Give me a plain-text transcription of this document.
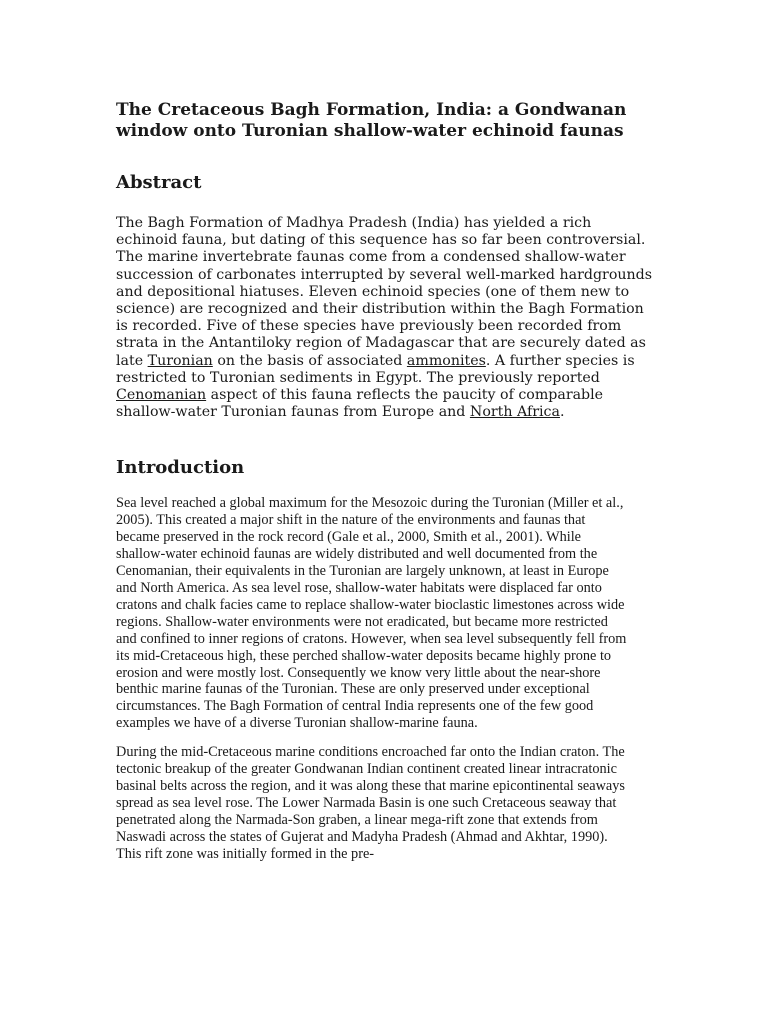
The Cretaceous Bagh Formation, India: a Gondwanan window onto Turonian shallow-water echinoid faunas
Abstract
The Bagh Formation of Madhya Pradesh (India) has yielded a rich echinoid fauna, but dating of this sequence has so far been controversial. The marine invertebrate faunas come from a condensed shallow-water succession of carbonates interrupted by several well-marked hardgrounds and depositional hiatuses. Eleven echinoid species (one of them new to science) are recognized and their distribution within the Bagh Formation is recorded. Five of these species have previously been recorded from strata in the Antantiloky region of Madagascar that are securely dated as late Turonian on the basis of associated ammonites. A further species is restricted to Turonian sediments in Egypt. The previously reported Cenomanian aspect of this fauna reflects the paucity of comparable shallow-water Turonian faunas from Europe and North Africa.
Introduction

Sea level reached a global maximum for the Mesozoic during the Turonian (Miller et al., 2005). This created a major shift in the nature of the environments and faunas that became preserved in the rock record (Gale et al., 2000, Smith et al., 2001). While shallow-water echinoid faunas are widely distributed and well documented from the Cenomanian, their equivalents in the Turonian are largely unknown, at least in Europe and North America. As sea level rose, shallow-water habitats were displaced far onto cratons and chalk facies came to replace shallow-water bioclastic limestones across wide regions. Shallow-water environments were not eradicated, but became more restricted and confined to inner regions of cratons. However, when sea level subsequently fell from its mid-Cretaceous high, these perched shallow-water deposits became highly prone to erosion and were mostly lost. Consequently we know very little about the near-shore benthic marine faunas of the Turonian. These are only preserved under exceptional circumstances. The Bagh Formation of central India represents one of the few good examples we have of a diverse Turonian shallow-marine fauna.

During the mid-Cretaceous marine conditions encroached far onto the Indian craton. The tectonic breakup of the greater Gondwanan Indian continent created linear intracratonic basinal belts across the region, and it was along these that marine epicontinental seaways spread as sea level rose. The Lower Narmada Basin is one such Cretaceous seaway that penetrated along the Narmada-Son graben, a linear mega-rift zone that extends from Naswadi across the states of Gujerat and Madyha Pradesh (Ahmad and Akhtar, 1990). This rift zone was initially formed in the pre-
